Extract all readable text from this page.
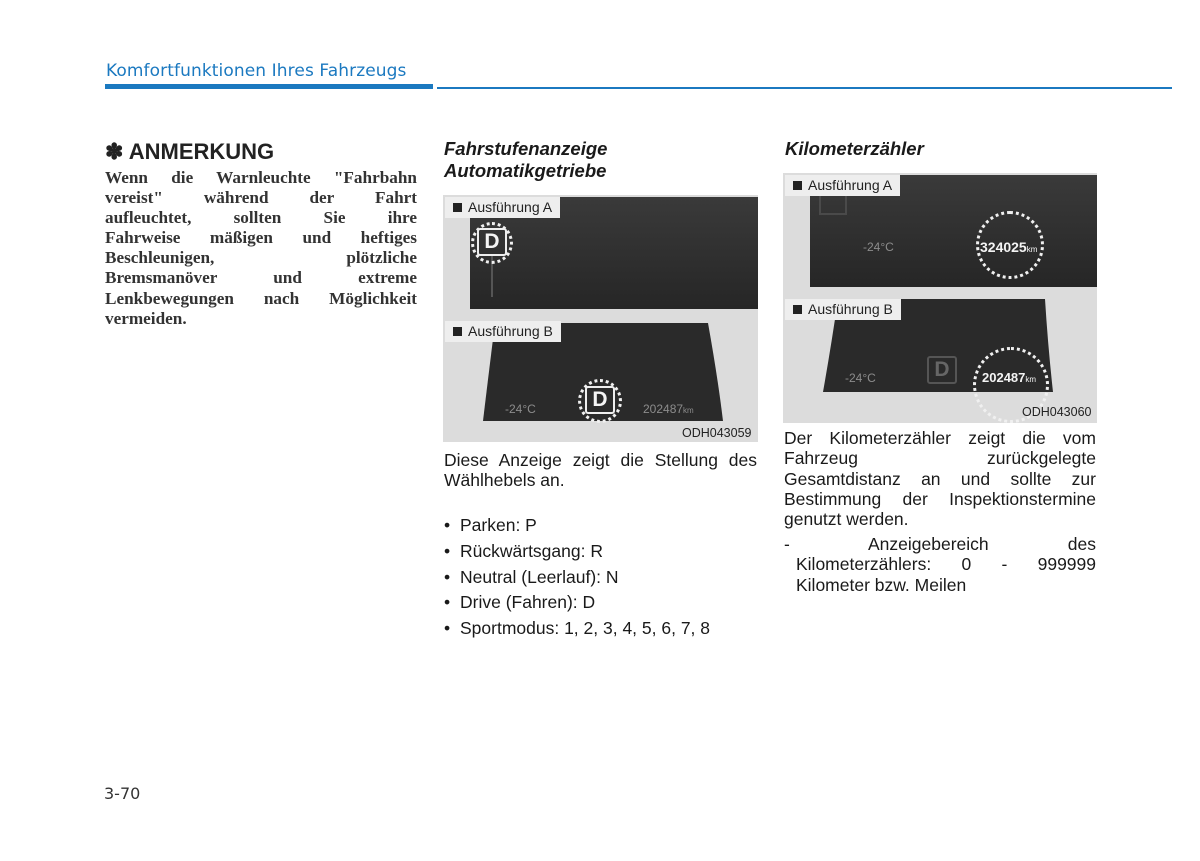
Komfortfunktionen Ihres Fahrzeugs
✽ ANMERKUNG
Wenn die Warnleuchte "Fahrbahn
vereist" während der Fahrt
aufleuchtet, sollten Sie ihre
Fahrweise mäßigen und heftiges
Beschleunigen, plötzliche
Bremsmanöver und extreme
Lenkbewegungen nach Möglichkeit
vermeiden.
Fahrstufenanzeige
Automatikgetriebe
Ausführung A
D
Ausführung B
-24°C	D	202487km
ODH043059
Diese Anzeige zeigt die Stellung des
Wählhebels an.
• Parken: P
• Rückwärtsgang: R
• Neutral (Leerlauf): N
• Drive (Fahren): D
• Sportmodus: 1, 2, 3, 4, 5, 6, 7, 8
Kilometerzähler
Ausführung A
-24°C	324025km
Ausführung B
-24°C	D	202487km
ODH043060
Der Kilometerzähler zeigt die vom
Fahrzeug zurückgelegte
Gesamtdistanz an und sollte zur
Bestimmung der Inspektionstermine
genutzt werden.
- Anzeigebereich des
Kilometerzählers: 0 - 999999
Kilometer bzw. Meilen
3-70
